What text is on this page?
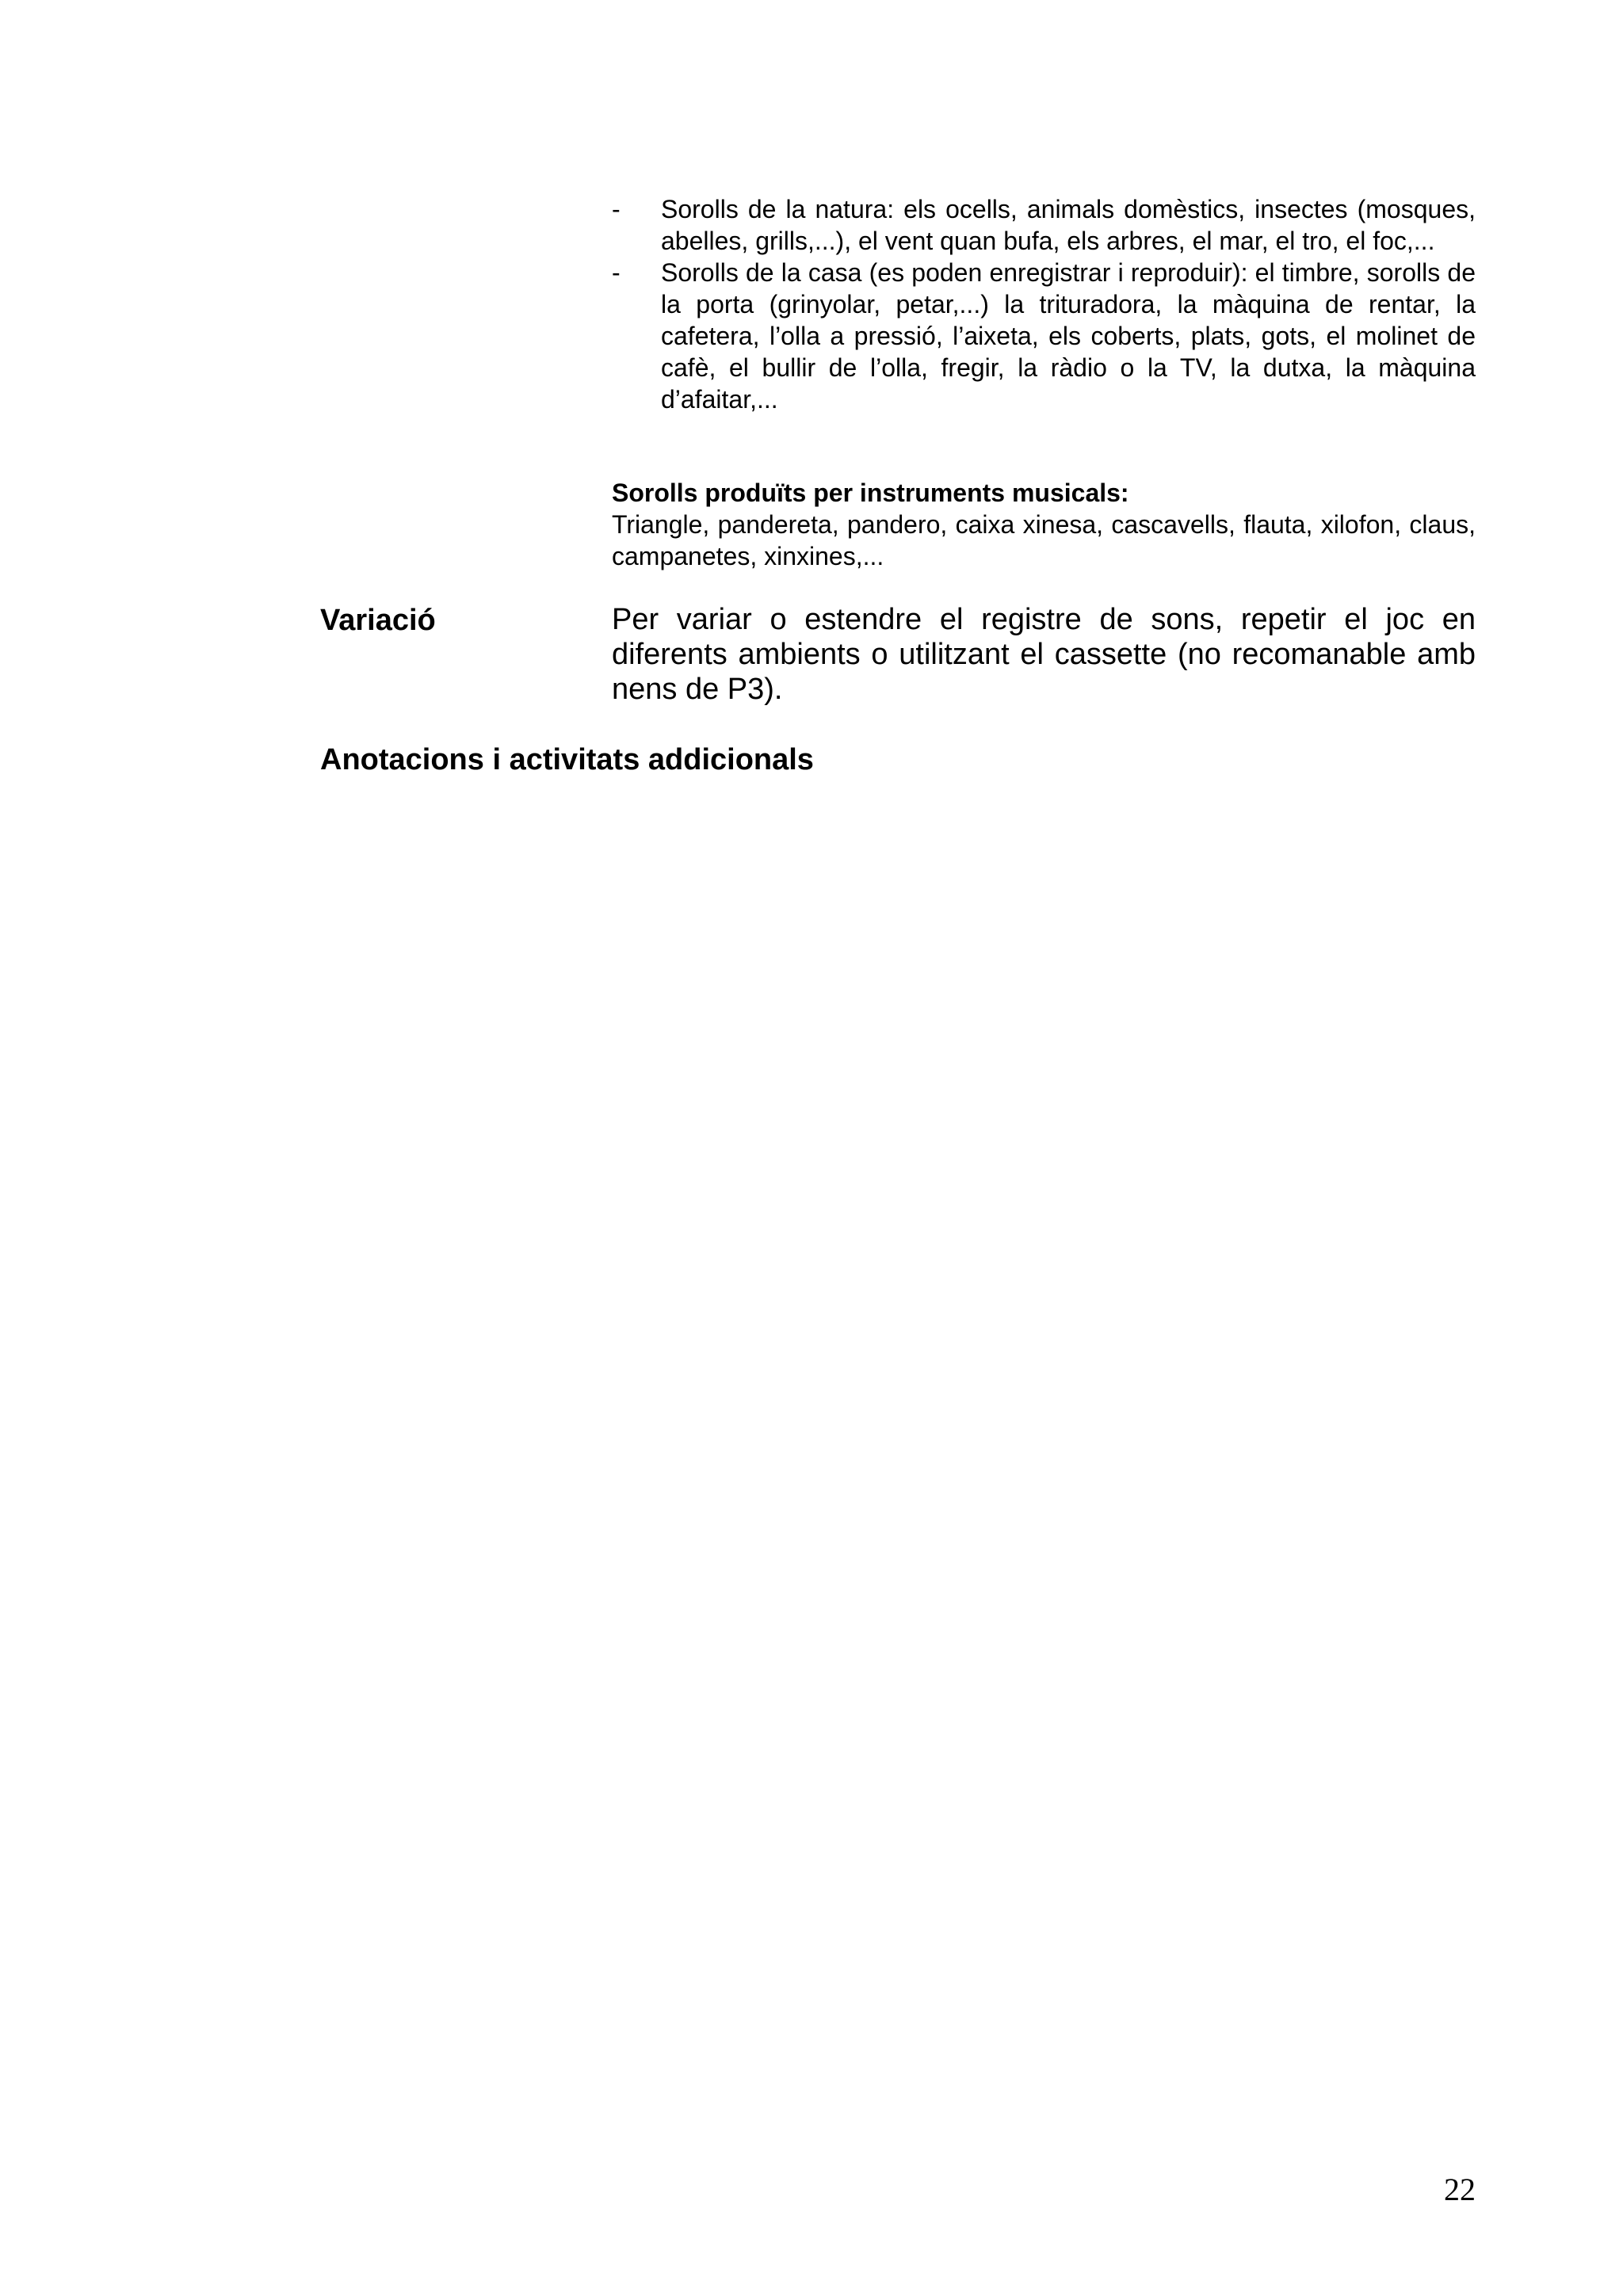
- Sorolls de la natura: els ocells, animals domèstics, insectes (mosques, abelles, grills,...), el vent quan bufa, els arbres, el mar, el tro, el foc,...
- Sorolls de la casa (es poden enregistrar i reproduir): el timbre, sorolls de la porta (grinyolar, petar,...) la trituradora, la màquina de rentar, la cafetera, l’olla a pressió, l’aixeta, els coberts, plats, gots, el molinet de cafè, el bullir de l’olla, fregir, la ràdio o la TV, la dutxa, la màquina d’afaitar,...
Sorolls produïts per instruments musicals:
Triangle, pandereta, pandero, caixa xinesa, cascavells, flauta, xilofon, claus, campanetes, xinxines,...
Variació	Per variar o estendre el registre de sons, repetir el joc en diferents ambients o utilitzant el cassette (no recomanable amb nens de P3).
Anotacions i activitats addicionals
22
